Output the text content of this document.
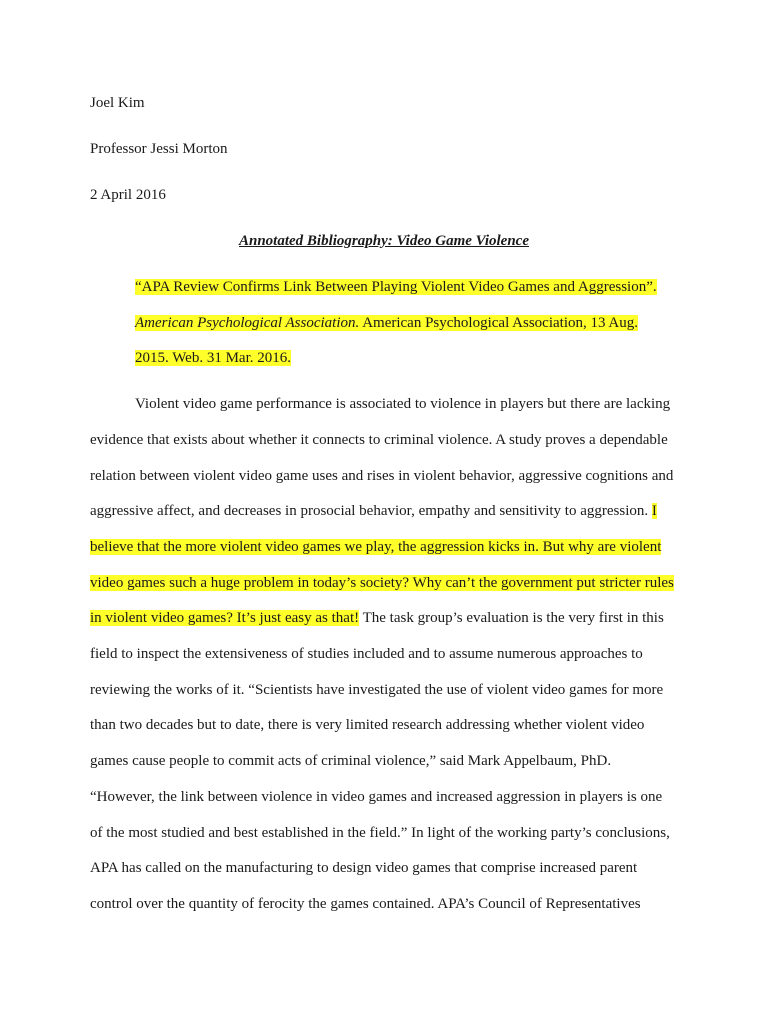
Joel Kim
Professor Jessi Morton
2 April 2016
Annotated Bibliography: Video Game Violence
“APA Review Confirms Link Between Playing Violent Video Games and Aggression”.
American Psychological Association. American Psychological Association, 13 Aug.
2015. Web. 31 Mar. 2016.
Violent video game performance is associated to violence in players but there are lacking
evidence that exists about whether it connects to criminal violence. A study proves a dependable
relation between violent video game uses and rises in violent behavior, aggressive cognitions and
aggressive affect, and decreases in prosocial behavior, empathy and sensitivity to aggression. I
believe that the more violent video games we play, the aggression kicks in. But why are violent
video games such a huge problem in today’s society? Why can’t the government put stricter rules
in violent video games? It’s just easy as that! The task group’s evaluation is the very first in this
field to inspect the extensiveness of studies included and to assume numerous approaches to
reviewing the works of it. “Scientists have investigated the use of violent video games for more
than two decades but to date, there is very limited research addressing whether violent video
games cause people to commit acts of criminal violence,” said Mark Appelbaum, PhD.
“However, the link between violence in video games and increased aggression in players is one
of the most studied and best established in the field.” In light of the working party’s conclusions,
APA has called on the manufacturing to design video games that comprise increased parent
control over the quantity of ferocity the games contained. APA’s Council of Representatives
